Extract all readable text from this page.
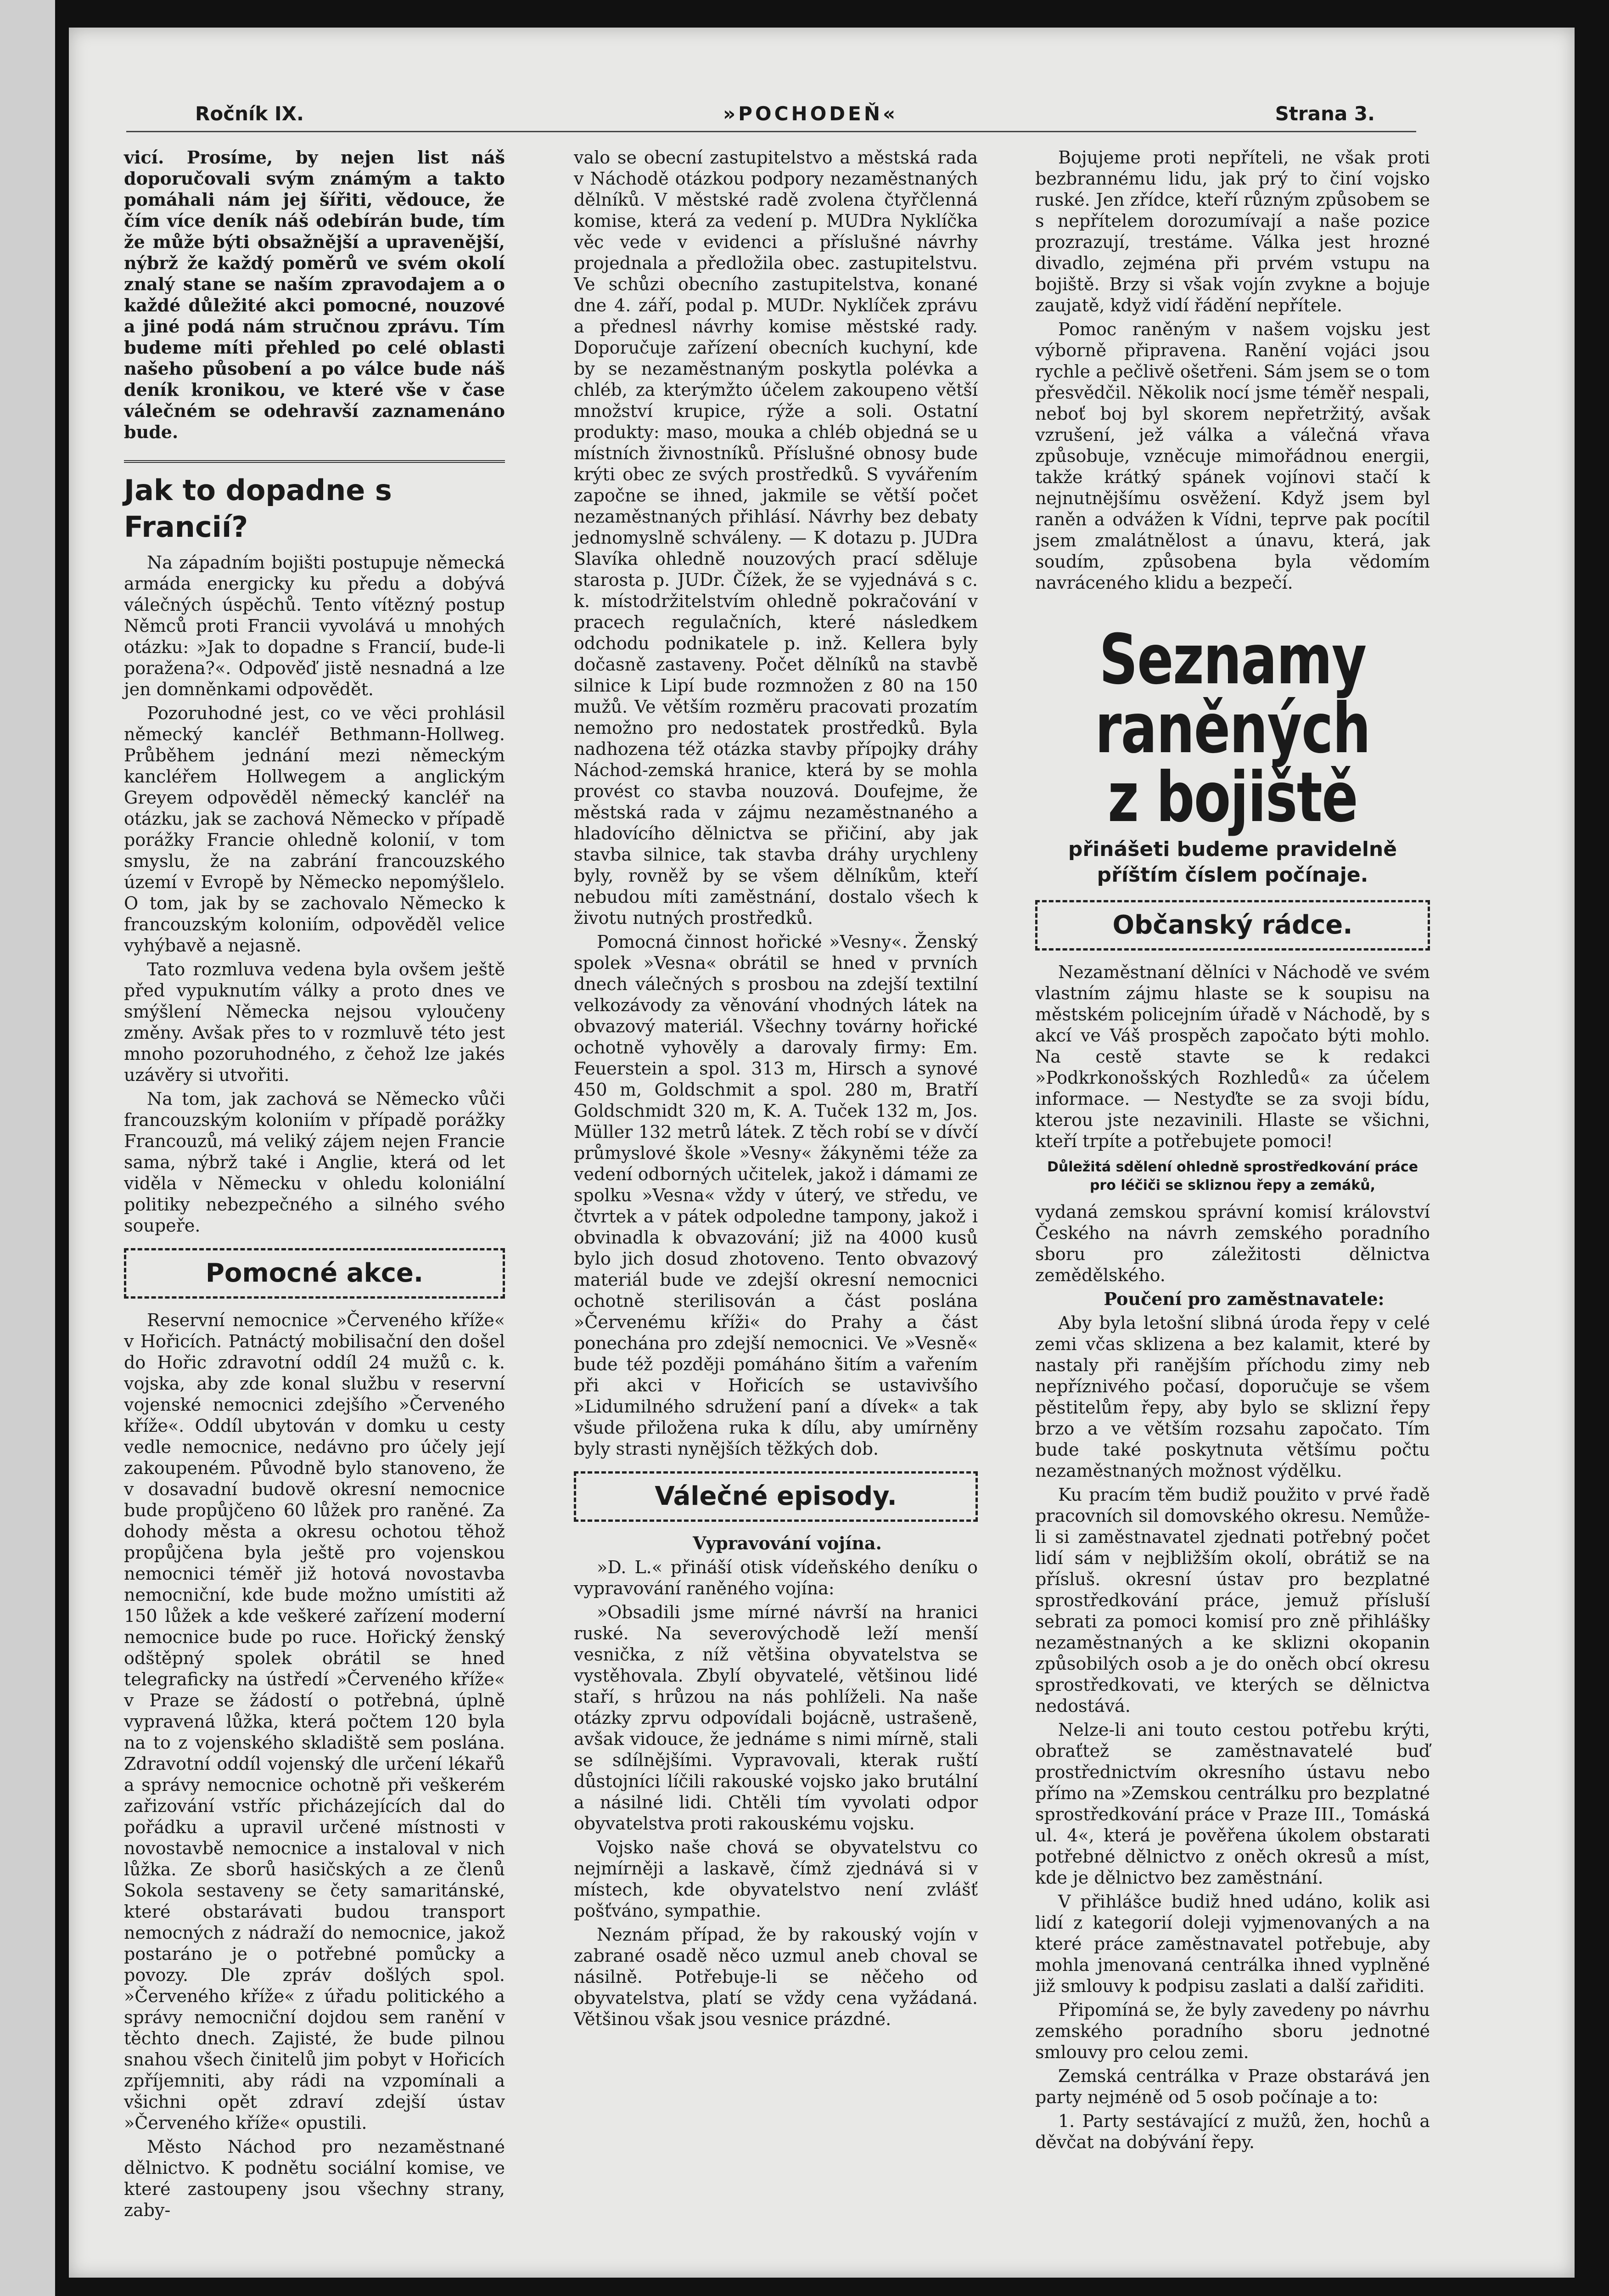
Ročník IX.	»POCHODEŇ«	Strana 3.

vicí. Prosíme, by nejen list náš doporučovali svým známým a takto pomáhali nám jej šířiti, vědouce, že čím více deník náš odebírán bude, tím že může býti obsažnější a upravenější, nýbrž že každý poměrů ve svém okolí znalý stane se naším zpravodajem a o každé důležité akci pomocné, nouzové a jiné podá nám stručnou zprávu. Tím budeme míti přehled po celé oblasti našeho působení a po válce bude náš deník kronikou, ve které vše v čase válečném se odehravší zaznamenáno bude.

Jak to dopadne s Francií?

Na západním bojišti postupuje německá armáda energicky ku předu a dobývá válečných úspěchů. Tento vítězný postup Němců proti Francii vyvolává u mnohých otázku: »Jak to dopadne s Francií, bude-li poražena?«. Odpověď jistě nesnadná a lze jen domněnkami odpovědět.

Pozoruhodné jest, co ve věci prohlásil německý kancléř Bethmann-Hollweg. Průběhem jednání mezi německým kancléřem Hollwegem a anglickým Greyem odpověděl německý kancléř na otázku, jak se zachová Německo v případě porážky Francie ohledně kolonií, v tom smyslu, že na zabrání francouzského území v Evropě by Německo nepomýšlelo. O tom, jak by se zachovalo Německo k francouzským koloniím, odpověděl velice vyhýbavě a nejasně.

Tato rozmluva vedena byla ovšem ještě před vypuknutím války a proto dnes ve smýšlení Německa nejsou vyloučeny změny. Avšak přes to v rozmluvě této jest mnoho pozoruhodného, z čehož lze jakés uzávěry si utvořiti.

Na tom, jak zachová se Německo vůči francouzským koloniím v případě porážky Francouzů, má veliký zájem nejen Francie sama, nýbrž také i Anglie, která od let viděla v Německu v ohledu koloniální politiky nebezpečného a silného svého soupeře.

Pomocné akce.

Reservní nemocnice »Červeného kříže« v Hořicích. Patnáctý mobilisační den došel do Hořic zdravotní oddíl 24 mužů c. k. vojska, aby zde konal službu v reservní vojenské nemocnici zdejšího »Červeného kříže«. Oddíl ubytován v domku u cesty vedle nemocnice, nedávno pro účely její zakoupeném. Původně bylo stanoveno, že v dosavadní budově okresní nemocnice bude propůjčeno 60 lůžek pro raněné. Za dohody města a okresu ochotou těhož propůjčena byla ještě pro vojenskou nemocnici téměř již hotová novostavba nemocniční, kde bude možno umístiti až 150 lůžek a kde veškeré zařízení moderní nemocnice bude po ruce. Hořický ženský odštěpný spolek obrátil se hned telegraficky na ústředí »Červeného kříže« v Praze se žádostí o potřebná, úplně vypravená lůžka, která počtem 120 byla na to z vojenského skladiště sem poslána. Zdravotní oddíl vojenský dle určení lékařů a správy nemocnice ochotně při veškerém zařizování vstříc přicházejících dal do pořádku a upravil určené místnosti v novostavbě nemocnice a instaloval v nich lůžka. Ze sborů hasičských a ze členů Sokola sestaveny se čety samaritánské, které obstarávati budou transport nemocných z nádraží do nemocnice, jakož postaráno je o potřebné pomůcky a povozy. Dle zpráv došlých spol. »Červeného kříže« z úřadu politického a správy nemocniční dojdou sem ranění v těchto dnech. Zajisté, že bude pilnou snahou všech činitelů jim pobyt v Hořicích zpříjemniti, aby rádi na vzpomínali a všichni opět zdraví zdejší ústav »Červeného kříže« opustili.

Město Náchod pro nezaměstnané dělnictvo. K podnětu sociální komise, ve které zastoupeny jsou všechny strany, zaby-

valo se obecní zastupitelstvo a městská rada v Náchodě otázkou podpory nezaměstnaných dělníků. V městské radě zvolena čtyřčlenná komise, která za vedení p. MUDra Nyklíčka věc vede v evidenci a příslušné návrhy projednala a předložila obec. zastupitelstvu. Ve schůzi obecního zastupitelstva, konané dne 4. září, podal p. MUDr. Nyklíček zprávu a přednesl návrhy komise městské rady. Doporučuje zařízení obecních kuchyní, kde by se nezaměstnaným poskytla polévka a chléb, za kterýmžto účelem zakoupeno větší množství krupice, rýže a soli. Ostatní produkty: maso, mouka a chléb objedná se u místních živnostníků. Příslušné obnosy bude krýti obec ze svých prostředků. S vyvářením započne se ihned, jakmile se větší počet nezaměstnaných přihlásí. Návrhy bez debaty jednomyslně schváleny. — K dotazu p. JUDra Slavíka ohledně nouzových prací sděluje starosta p. JUDr. Čížek, že se vyjednává s c. k. místodržitelstvím ohledně pokračování v pracech regulačních, které následkem odchodu podnikatele p. inž. Kellera byly dočasně zastaveny. Počet dělníků na stavbě silnice k Lipí bude rozmnožen z 80 na 150 mužů. Ve větším rozměru pracovati prozatím nemožno pro nedostatek prostředků. Byla nadhozena též otázka stavby přípojky dráhy Náchod-zemská hranice, která by se mohla provést co stavba nouzová. Doufejme, že městská rada v zájmu nezaměstnaného a hladovícího dělnictva se přičiní, aby jak stavba silnice, tak stavba dráhy urychleny byly, rovněž by se všem dělníkům, kteří nebudou míti zaměstnání, dostalo všech k životu nutných prostředků.

Pomocná činnost hořické »Vesny«. Ženský spolek »Vesna« obrátil se hned v prvních dnech válečných s prosbou na zdejší textilní velkozávody za věnování vhodných látek na obvazový materiál. Všechny továrny hořické ochotně vyhověly a darovaly firmy: Em. Feuerstein a spol. 313 m, Hirsch a synové 450 m, Goldschmit a spol. 280 m, Bratří Goldschmidt 320 m, K. A. Tuček 132 m, Jos. Müller 132 metrů látek. Z těch robí se v dívčí průmyslové škole »Vesny« žákyněmi téže za vedení odborných učitelek, jakož i dámami ze spolku »Vesna« vždy v úterý, ve středu, ve čtvrtek a v pátek odpoledne tampony, jakož i obvinadla k obvazování; již na 4000 kusů bylo jich dosud zhotoveno. Tento obvazový materiál bude ve zdejší okresní nemocnici ochotně sterilisován a část poslána »Červenému kříži« do Prahy a část ponechána pro zdejší nemocnici. Ve »Vesně« bude též později pomáháno šitím a vařením při akci v Hořicích se ustavivšího »Lidumilného sdružení paní a dívek« a tak všude přiložena ruka k dílu, aby umírněny byly strasti nynějších těžkých dob.

Válečné episody.

Vypravování vojína.

»D. L.« přináší otisk vídeňského deníku o vypravování raněného vojína:

»Obsadili jsme mírné návrší na hranici ruské. Na severovýchodě leží menší vesnička, z níž většina obyvatelstva se vystěhovala. Zbylí obyvatelé, většinou lidé staří, s hrůzou na nás pohlíželi. Na naše otázky zprvu odpovídali bojácně, ustrašeně, avšak vidouce, že jednáme s nimi mírně, stali se sdílnějšími. Vypravovali, kterak ruští důstojníci líčili rakouské vojsko jako brutální a násilné lidi. Chtěli tím vyvolati odpor obyvatelstva proti rakouskému vojsku.

Vojsko naše chová se obyvatelstvu co nejmírněji a laskavě, čímž zjednává si v místech, kde obyvatelstvo není zvlášť pošťváno, sympathie.

Neznám případ, že by rakouský vojín v zabrané osadě něco uzmul aneb choval se násilně. Potřebuje-li se něčeho od obyvatelstva, platí se vždy cena vyžádaná. Většinou však jsou vesnice prázdné.

Bojujeme proti nepříteli, ne však proti bezbrannému lidu, jak prý to činí vojsko ruské. Jen zřídce, kteří různým způsobem se s nepřítelem dorozumívají a naše pozice prozrazují, trestáme. Válka jest hrozné divadlo, zejména při prvém vstupu na bojiště. Brzy si však vojín zvykne a bojuje zaujatě, když vidí řádění nepřítele.

Pomoc raněným v našem vojsku jest výborně připravena. Ranění vojáci jsou rychle a pečlivě ošetřeni. Sám jsem se o tom přesvědčil. Několik nocí jsme téměř nespali, neboť boj byl skorem nepřetržitý, avšak vzrušení, jež válka a válečná vřava způsobuje, vzněcuje mimořádnou energii, takže krátký spánek vojínovi stačí k nejnutnějšímu osvěžení. Když jsem byl raněn a odvážen k Vídni, teprve pak pocítil jsem zmalátnělost a únavu, která, jak soudím, způsobena byla vědomím navráceného klidu a bezpečí.

Seznamy raněných
z bojiště
přinášeti budeme pravidelně příštím číslem počínaje.
Občanský rádce.

Nezaměstnaní dělníci v Náchodě ve svém vlastním zájmu hlaste se k soupisu na městském policejním úřadě v Náchodě, by s akcí ve Váš prospěch započato býti mohlo. Na cestě stavte se k redakci »Podkrkonošských Rozhledů« za účelem informace. — Nestyďte se za svoji bídu, kterou jste nezavinili. Hlaste se všichni, kteří trpíte a potřebujete pomoci!

Důležitá sdělení ohledně sprostředkování práce pro léčiči se skliznou řepy a zemáků,

vydaná zemskou správní komisí království Českého na návrh zemského poradního sboru pro záležitosti dělnictva zemědělského.

Poučení pro zaměstnavatele:

Aby byla letošní slibná úroda řepy v celé zemi včas sklizena a bez kalamit, které by nastaly při ranějším příchodu zimy neb nepříznivého počasí, doporučuje se všem pěstitelům řepy, aby bylo se sklizní řepy brzo a ve větším rozsahu započato. Tím bude také poskytnuta většímu počtu nezaměstnaných možnost výdělku.

Ku pracím těm budiž použito v prvé řadě pracovních sil domovského okresu. Nemůže-li si zaměstnavatel zjednati potřebný počet lidí sám v nejbližším okolí, obrátiž se na přísluš. okresní ústav pro bezplatné sprostředkování práce, jemuž přísluší sebrati za pomoci komisí pro zně přihlášky nezaměstnaných a ke sklizni okopanin způsobilých osob a je do oněch obcí okresu sprostředkovati, ve kterých se dělnictva nedostává.

Nelze-li ani touto cestou potřebu krýti, obraťtež se zaměstnavatelé buď prostřednictvím okresního ústavu nebo přímo na »Zemskou centrálku pro bezplatné sprostředkování práce v Praze III., Tomáská ul. 4«, která je pověřena úkolem obstarati potřebné dělnictvo z oněch okresů a míst, kde je dělnictvo bez zaměstnání.

V přihlášce budiž hned udáno, kolik asi lidí z kategorií doleji vyjmenovaných a na které práce zaměstnavatel potřebuje, aby mohla jmenovaná centrálka ihned vyplněné již smlouvy k podpisu zaslati a další zařiditi.

Připomíná se, že byly zavedeny po návrhu zemského poradního sboru jednotné smlouvy pro celou zemi.

Zemská centrálka v Praze obstarává jen party nejméně od 5 osob počínaje a to:

1. Party sestávající z mužů, žen, hochů a děvčat na dobývání řepy.
